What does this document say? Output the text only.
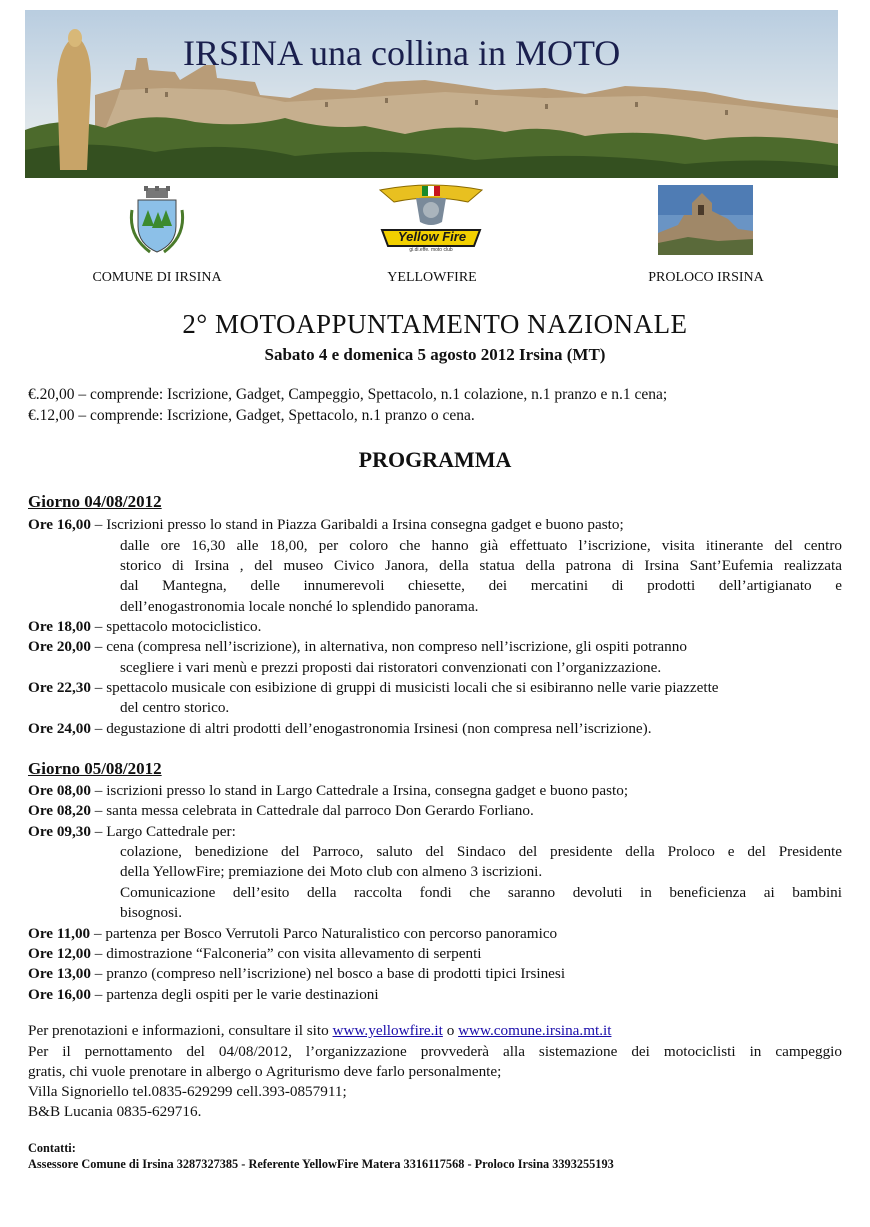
IRSINA una collina in MOTO
Yellow Fire
gi.di.effe. moto club
COMUNE DI IRSINA	YELLOWFIRE	PROLOCO IRSINA
2° MOTOAPPUNTAMENTO NAZIONALE
Sabato 4 e domenica 5 agosto 2012 Irsina (MT)
€.20,00 – comprende: Iscrizione, Gadget, Campeggio, Spettacolo, n.1 colazione, n.1 pranzo e n.1 cena;
€.12,00 – comprende: Iscrizione, Gadget, Spettacolo, n.1 pranzo o cena.
PROGRAMMA
Giorno 04/08/2012
Ore 16,00 – Iscrizioni presso lo stand in Piazza Garibaldi a Irsina consegna gadget e buono pasto;
dalle ore 16,30 alle 18,00, per coloro che hanno già effettuato l’iscrizione, visita itinerante del centro
storico di Irsina , del museo Civico Janora, della statua della patrona di Irsina Sant’Eufemia realizzata
dal Mantegna, delle innumerevoli chiesette, dei mercatini di prodotti dell’artigianato e
dell’enogastronomia locale nonché lo splendido panorama.
Ore 18,00 – spettacolo motociclistico.
Ore 20,00 – cena (compresa nell’iscrizione), in alternativa, non compreso nell’iscrizione, gli ospiti potranno
scegliere i vari menù e prezzi proposti dai ristoratori convenzionati con l’organizzazione.
Ore 22,30 – spettacolo musicale con esibizione di gruppi di musicisti locali che si esibiranno nelle varie piazzette
del centro storico.
Ore 24,00 – degustazione di altri prodotti dell’enogastronomia Irsinesi (non compresa nell’iscrizione).
Giorno 05/08/2012
Ore 08,00 – iscrizioni presso lo stand in Largo Cattedrale a Irsina, consegna gadget e buono pasto;
Ore 08,20 – santa messa celebrata in Cattedrale dal parroco Don Gerardo Forliano.
Ore 09,30 – Largo Cattedrale per:
colazione, benedizione del Parroco, saluto del Sindaco del presidente della Proloco e del Presidente
della YellowFire; premiazione dei Moto club con almeno 3 iscrizioni.
Comunicazione dell’esito della raccolta fondi che saranno devoluti in beneficienza ai bambini
bisognosi.
Ore 11,00 – partenza per Bosco Verrutoli Parco Naturalistico con percorso panoramico
Ore 12,00 – dimostrazione “Falconeria” con visita allevamento di serpenti
Ore 13,00 – pranzo (compreso nell’iscrizione) nel bosco a base di prodotti tipici Irsinesi
Ore 16,00 – partenza degli ospiti per le varie destinazioni
Per prenotazioni e informazioni, consultare il sito www.yellowfire.it o www.comune.irsina.mt.it
Per il pernottamento del 04/08/2012, l’organizzazione provvederà alla sistemazione dei motociclisti in campeggio
gratis, chi vuole prenotare in albergo o Agriturismo deve farlo personalmente;
Villa Signoriello tel.0835-629299 cell.393-0857911;
B&B Lucania 0835-629716.
Contatti:
Assessore Comune di Irsina 3287327385 - Referente YellowFire Matera 3316117568 - Proloco Irsina 3393255193
